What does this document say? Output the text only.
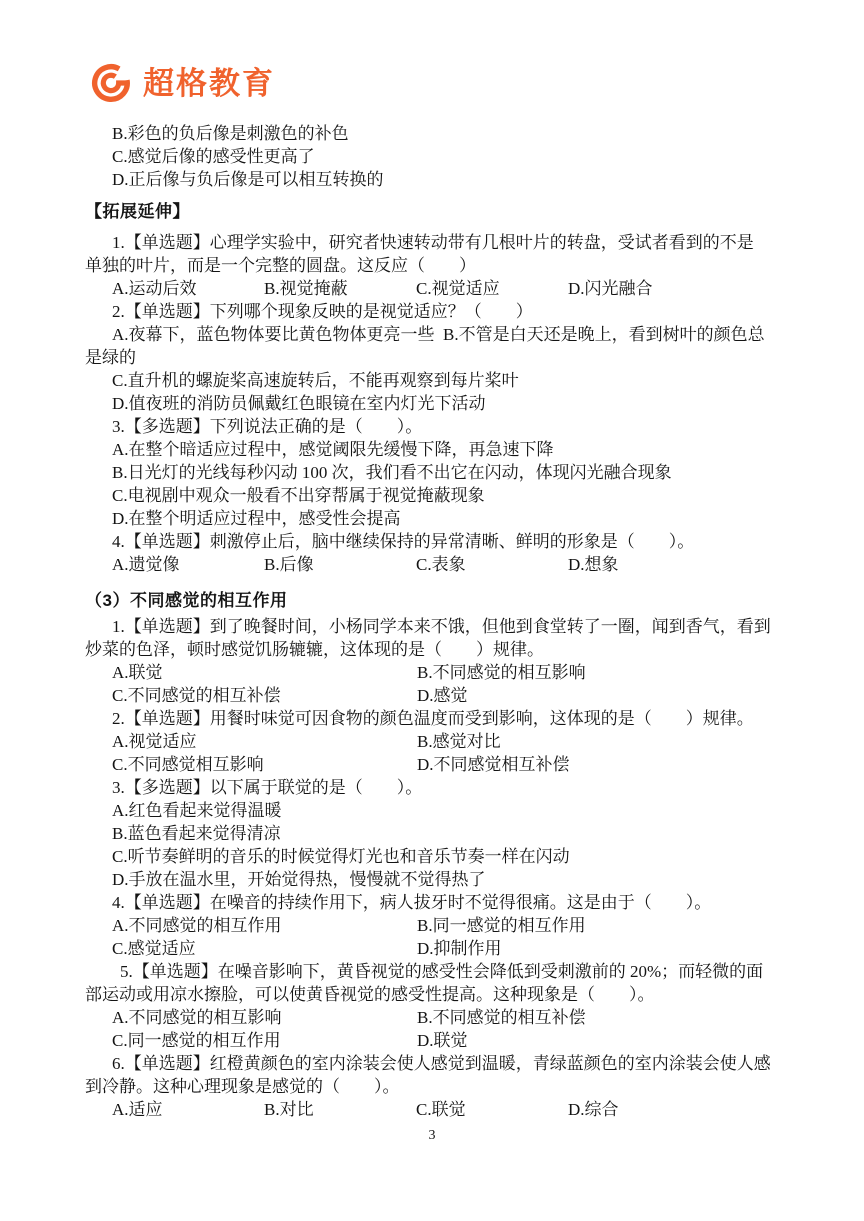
超格教育

B.彩色的负后像是刺激色的补色

C.感觉后像的感受性更高了

D.正后像与负后像是可以相互转换的

【拓展延伸】

1.【单选题】心理学实验中，研究者快速转动带有几根叶片的转盘，受试者看到的不是

单独的叶片，而是一个完整的圆盘。这反应（        ）

A.运动后效	B.视觉掩蔽	C.视觉适应	D.闪光融合

2.【单选题】下列哪个现象反映的是视觉适应？（        ）

A.夜幕下，蓝色物体要比黄色物体更亮一些  B.不管是白天还是晚上，看到树叶的颜色总

是绿的

C.直升机的螺旋桨高速旋转后，不能再观察到每片桨叶

D.值夜班的消防员佩戴红色眼镜在室内灯光下活动

3.【多选题】下列说法正确的是（        ）。

A.在整个暗适应过程中，感觉阈限先缓慢下降，再急速下降

B.日光灯的光线每秒闪动 100 次，我们看不出它在闪动，体现闪光融合现象

C.电视剧中观众一般看不出穿帮属于视觉掩蔽现象

D.在整个明适应过程中，感受性会提高

4.【单选题】刺激停止后，脑中继续保持的异常清晰、鲜明的形象是（        ）。

A.遗觉像	B.后像	C.表象	D.想象

（3）不同感觉的相互作用

1.【单选题】到了晚餐时间，小杨同学本来不饿，但他到食堂转了一圈，闻到香气，看到

炒菜的色泽，顿时感觉饥肠辘辘，这体现的是（        ）规律。

A.联觉	B.不同感觉的相互影响
C.不同感觉的相互补偿	D.感觉

2.【单选题】用餐时味觉可因食物的颜色温度而受到影响，这体现的是（        ）规律。

A.视觉适应	B.感觉对比
C.不同感觉相互影响	D.不同感觉相互补偿

3.【多选题】以下属于联觉的是（        ）。

A.红色看起来觉得温暖

B.蓝色看起来觉得清凉

C.听节奏鲜明的音乐的时候觉得灯光也和音乐节奏一样在闪动

D.手放在温水里，开始觉得热，慢慢就不觉得热了

4.【单选题】在噪音的持续作用下，病人拔牙时不觉得很痛。这是由于（        ）。

A.不同感觉的相互作用	B.同一感觉的相互作用
C.感觉适应	D.抑制作用

5.【单选题】在噪音影响下，黄昏视觉的感受性会降低到受刺激前的 20%；而轻微的面

部运动或用凉水擦脸，可以使黄昏视觉的感受性提高。这种现象是（        ）。

A.不同感觉的相互影响	B.不同感觉的相互补偿
C.同一感觉的相互作用	D.联觉

6.【单选题】红橙黄颜色的室内涂装会使人感觉到温暖，青绿蓝颜色的室内涂装会使人感

到冷静。这种心理现象是感觉的（        ）。

A.适应	B.对比	C.联觉	D.综合
3
